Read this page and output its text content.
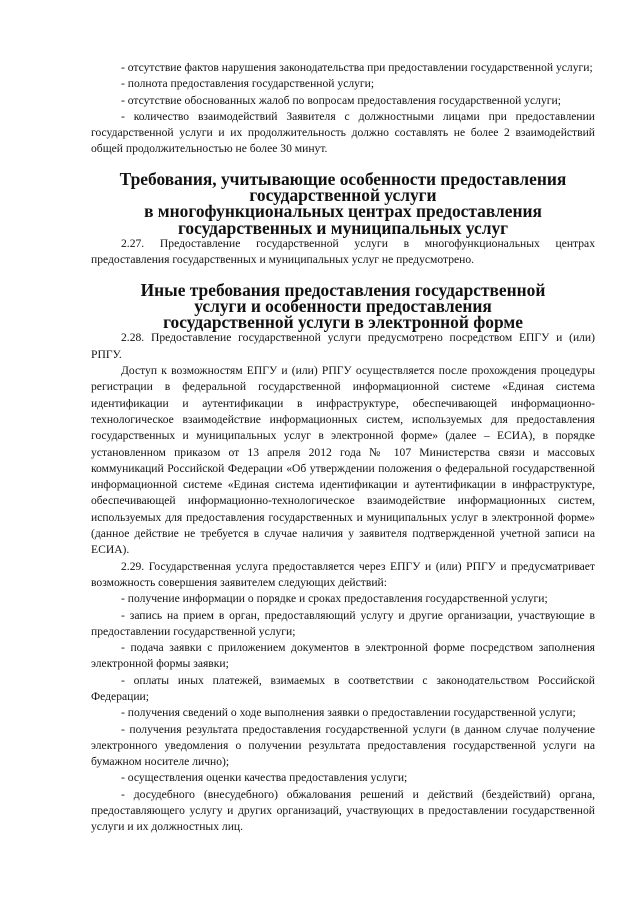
- отсутствие фактов нарушения законодательства при предоставлении государственной услуги;

- полнота предоставления государственной услуги;

- отсутствие обоснованных жалоб по вопросам предоставления государственной услуги;

- количество взаимодействий Заявителя с должностными лицами при предоставлении государственной услуги и их продолжительность должно составлять не более 2 взаимодействий общей продолжительностью не более 30 минут.

Требования, учитывающие особенности предоставления государственной услуги
в многофункциональных центрах предоставления
государственных и муниципальных услуг

2.27. Предоставление государственной услуги в многофункциональных центрах предоставления государственных и муниципальных услуг не предусмотрено.

Иные требования предоставления государственной
услуги и особенности предоставления
государственной услуги в электронной форме

2.28. Предоставление государственной услуги предусмотрено посредством ЕПГУ и (или) РПГУ.

Доступ к возможностям ЕПГУ и (или) РПГУ осуществляется после прохождения процедуры регистрации в федеральной государственной информационной системе «Единая система идентификации и аутентификации в инфраструктуре, обеспечивающей информационно-технологическое взаимодействие информационных систем, используемых для предоставления государственных и муниципальных услуг в электронной форме» (далее – ЕСИА), в порядке установленном приказом от 13 апреля 2012 года № 107 Министерства связи и массовых коммуникаций Российской Федерации «Об утверждении положения о федеральной государственной информационной системе «Единая система идентификации и аутентификации в инфраструктуре, обеспечивающей информационно-технологическое взаимодействие информационных систем, используемых для предоставления государственных и муниципальных услуг в электронной форме» (данное действие не требуется в случае наличия у заявителя подтвержденной учетной записи на ЕСИА).

2.29. Государственная услуга предоставляется через ЕПГУ и (или) РПГУ и предусматривает возможность совершения заявителем следующих действий:

- получение информации о порядке и сроках предоставления государственной услуги;

- запись на прием в орган, предоставляющий услугу и другие организации, участвующие в предоставлении государственной услуги;

- подача заявки с приложением документов в электронной форме посредством заполнения электронной формы заявки;

- оплаты иных платежей, взимаемых в соответствии с законодательством Российской Федерации;

- получения сведений о ходе выполнения заявки о предоставлении государственной услуги;

- получения результата предоставления государственной услуги (в данном случае получение электронного уведомления о получении результата предоставления государственной услуги на бумажном носителе лично);

- осуществления оценки качества предоставления услуги;

- досудебного (внесудебного) обжалования решений и действий (бездействий) органа, предоставляющего услугу и других организаций, участвующих в предоставлении государственной услуги и их должностных лиц.
